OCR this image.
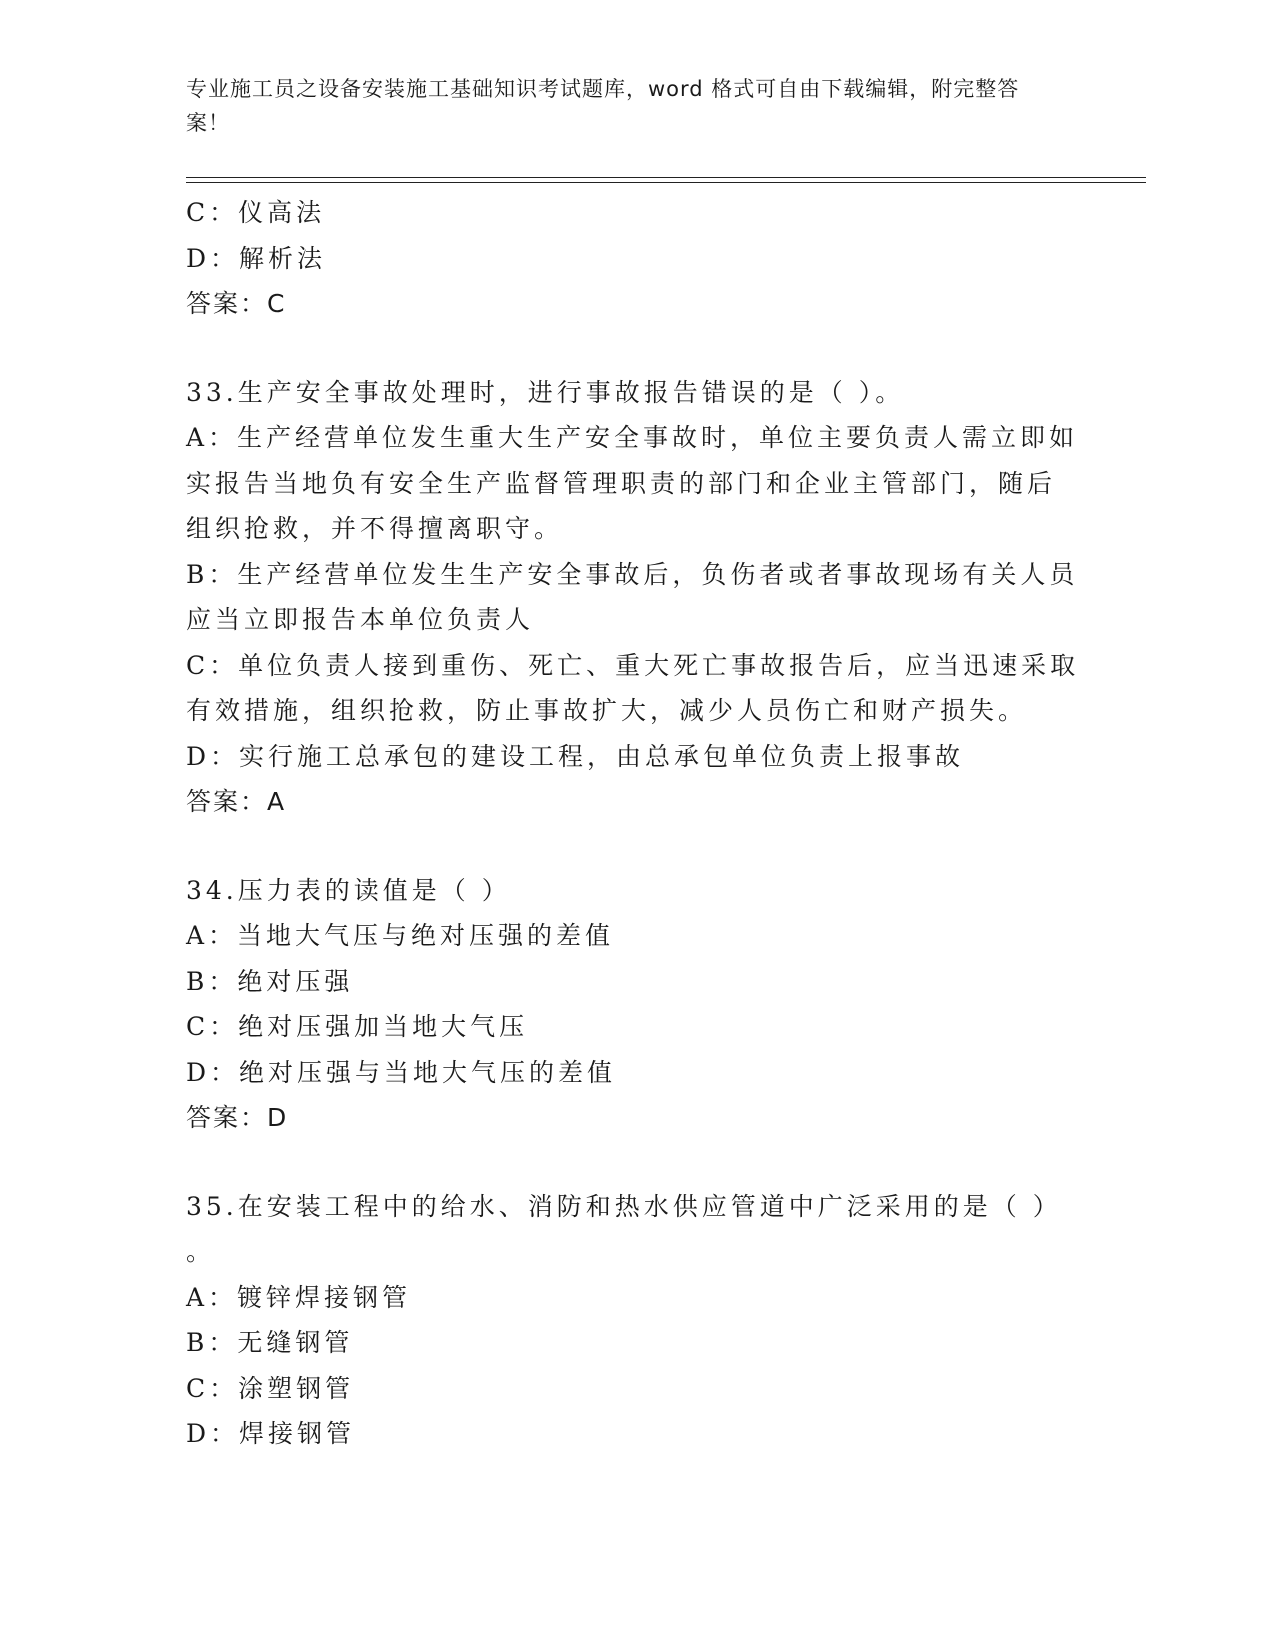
专业施工员之设备安装施工基础知识考试题库，word 格式可自由下载编辑，附完整答案！
C：仪高法
D：解析法
答案：C
33.生产安全事故处理时，进行事故报告错误的是（ ）。
A：生产经营单位发生重大生产安全事故时，单位主要负责人需立即如
实报告当地负有安全生产监督管理职责的部门和企业主管部门，随后
组织抢救，并不得擅离职守。
B：生产经营单位发生生产安全事故后，负伤者或者事故现场有关人员
应当立即报告本单位负责人
C：单位负责人接到重伤、死亡、重大死亡事故报告后，应当迅速采取
有效措施，组织抢救，防止事故扩大，减少人员伤亡和财产损失。
D：实行施工总承包的建设工程，由总承包单位负责上报事故
答案：A
34.压力表的读值是（ ）
A：当地大气压与绝对压强的差值
B：绝对压强
C：绝对压强加当地大气压
D：绝对压强与当地大气压的差值
答案：D
35.在安装工程中的给水、消防和热水供应管道中广泛采用的是（ ）
。
A：镀锌焊接钢管
B：无缝钢管
C：涂塑钢管
D：焊接钢管
